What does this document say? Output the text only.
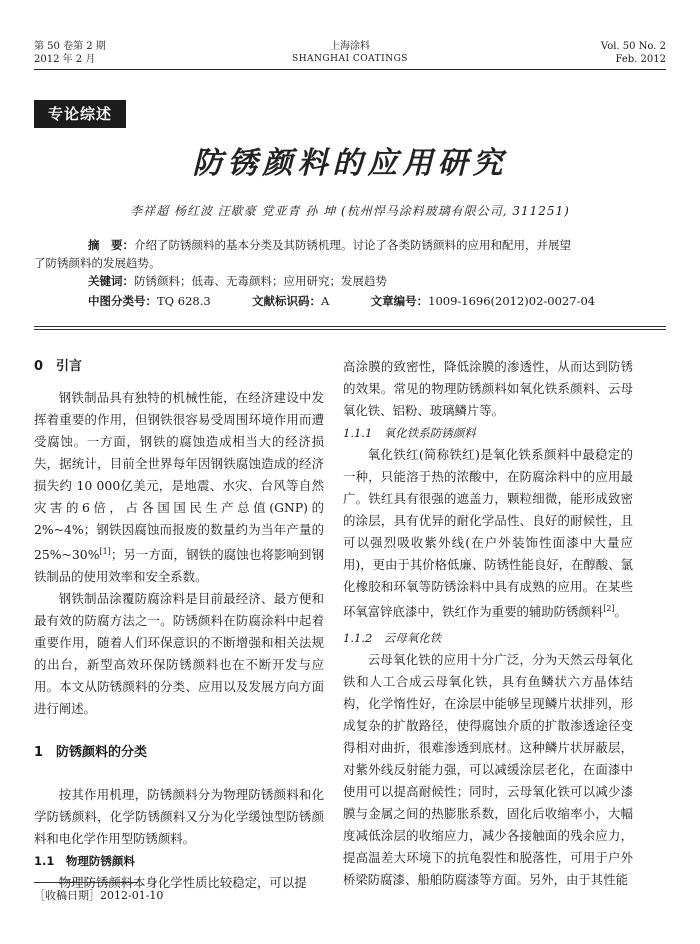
第 50 卷第 2 期
2012 年 2 月
上海涂料
SHANGHAI COATINGS
Vol. 50 No. 2
Feb. 2012
专论综述
防锈颜料的应用研究
李祥超 杨红波 汪歇豪 党亚青 孙 坤 (杭州悍马涂料玻璃有限公司, 311251)
摘　要：介绍了防锈颜料的基本分类及其防锈机理。讨论了各类防锈颜料的应用和配用，并展望
了防锈颜料的发展趋势。
关键词：防锈颜料；低毒、无毒颜料；应用研究；发展趋势
中图分类号：TQ 628.3	文献标识码：A	文章编号：1009-1696(2012)02-0027-04

0　引言

钢铁制品具有独特的机械性能，在经济建设中发挥着重要的作用，但钢铁很容易受周围环境作用而遭受腐蚀。一方面，钢铁的腐蚀造成相当大的经济损失，据统计，目前全世界每年因钢铁腐蚀造成的经济损失约 10 000亿美元，是地震、水灾、台风等自然灾害的6倍，占各国国民生产总值(GNP)的2%~4%；钢铁因腐蚀而报废的数量约为当年产量的25%~30%[1]；另一方面，钢铁的腐蚀也将影响到钢铁制品的使用效率和安全系数。

钢铁制品涂覆防腐涂料是目前最经济、最方便和最有效的防腐方法之一。防锈颜料在防腐涂料中起着重要作用，随着人们环保意识的不断增强和相关法规的出台，新型高效环保防锈颜料也在不断开发与应用。本文从防锈颜料的分类、应用以及发展方向方面进行阐述。

1　防锈颜料的分类

按其作用机理，防锈颜料分为物理防锈颜料和化学防锈颜料，化学防锈颜料又分为化学缓蚀型防锈颜料和电化学作用型防锈颜料。

1.1　物理防锈颜料

物理防锈颜料本身化学性质比较稳定，可以提

［收稿日期］2012-01-10

高涂膜的致密性，降低涂膜的渗透性，从而达到防锈的效果。常见的物理防锈颜料如氧化铁系颜料、云母氧化铁、铝粉、玻璃鳞片等。

1.1.1　氧化铁系防锈颜料

氧化铁红(简称铁红)是氧化铁系颜料中最稳定的一种，只能溶于热的浓酸中，在防腐涂料中的应用最广。铁红具有很强的遮盖力，颗粒细微，能形成致密的涂层，具有优异的耐化学品性、良好的耐候性，且可以强烈吸收紫外线(在户外装饰性面漆中大量应用)，更由于其价格低廉、防锈性能良好，在醇酸、氯化橡胶和环氧等防锈涂料中具有成熟的应用。在某些环氧富锌底漆中，铁红作为重要的辅助防锈颜料[2]。

1.1.2　云母氧化铁

云母氧化铁的应用十分广泛，分为天然云母氧化铁和人工合成云母氧化铁，具有鱼鳞状六方晶体结构，化学惰性好，在涂层中能够呈现鳞片状排列，形成复杂的扩散路径，使得腐蚀介质的扩散渗透途径变得相对曲折，很难渗透到底材。这种鳞片状屏蔽层，对紫外线反射能力强，可以减缓涂层老化，在面漆中使用可以提高耐候性；同时，云母氧化铁可以减少漆膜与金属之间的热膨胀系数，固化后收缩率小，大幅度减低涂层的收缩应力，减少各接触面的残余应力，提高温差大环境下的抗龟裂性和脱落性，可用于户外桥梁防腐漆、船舶防腐漆等方面。另外，由于其性能
